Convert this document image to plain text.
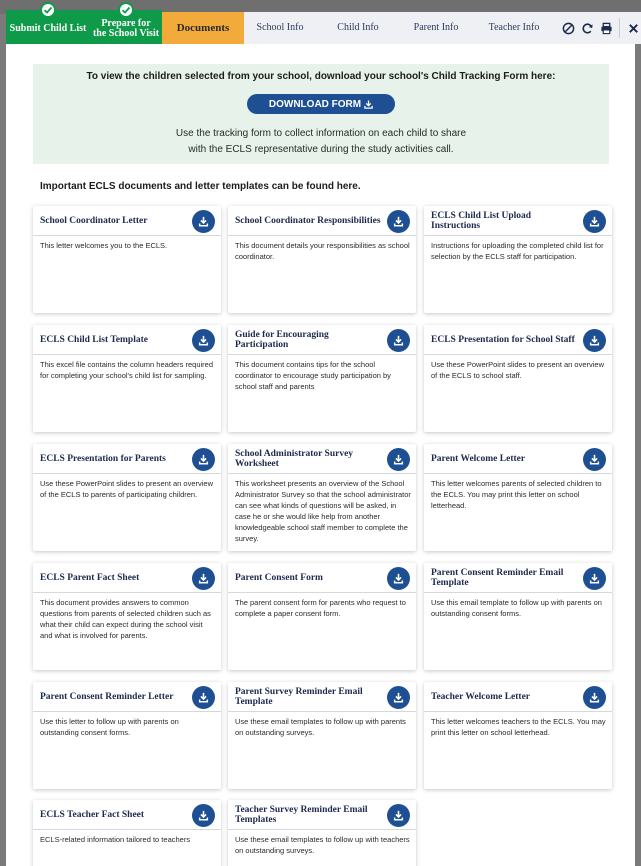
Submit Child List	Prepare for
the School Visit Documents	School Info	Child Info	Parent Info	Teacher Info
To view the children selected from your school, download your school's Child Tracking Form here:
DOWNLOAD FORM
Use the tracking form to collect information on each child to share
with the ECLS representative during the study activities call.
Important ECLS documents and letter templates can be found here.
School Coordinator Letter
This letter welcomes you to the ECLS.
School Coordinator Responsibilities
This document details your responsibilities as school coordinator.
ECLS Child List Upload Instructions
Instructions for uploading the completed child list for selection by the ECLS staff for participation.
ECLS Child List Template
This excel file contains the column headers required for completing your school's child list for sampling.
Guide for Encouraging Participation
This document contains tips for the school coordinator to encourage study participation by school staff and parents
ECLS Presentation for School Staff
Use these PowerPoint slides to present an overview of the ECLS to school staff.
ECLS Presentation for Parents
Use these PowerPoint slides to present an overview of the ECLS to parents of participating children.
School Administrator Survey Worksheet
This worksheet presents an overview of the School Administrator Survey so that the school administrator can see what kinds of questions will be asked, in case he or she would like help from another knowledgeable school staff member to complete the survey.
Parent Welcome Letter
This letter welcomes parents of selected children to the ECLS. You may print this letter on school letterhead.
ECLS Parent Fact Sheet
This document provides answers to common questions from parents of selected children such as what their child can expect during the school visit and what is involved for parents.
Parent Consent Form
The parent consent form for parents who request to complete a paper consent form.
Parent Consent Reminder Email Template
Use this email template to follow up with parents on outstanding consent forms.
Parent Consent Reminder Letter
Use this letter to follow up with parents on outstanding consent forms.
Parent Survey Reminder Email Template
Use these email templates to follow up with parents on outstanding surveys.
Teacher Welcome Letter
This letter welcomes teachers to the ECLS. You may print this letter on school letterhead.
ECLS Teacher Fact Sheet
ECLS-related information tailored to teachers
Teacher Survey Reminder Email Templates
Use these email templates to follow up with teachers on outstanding surveys.
